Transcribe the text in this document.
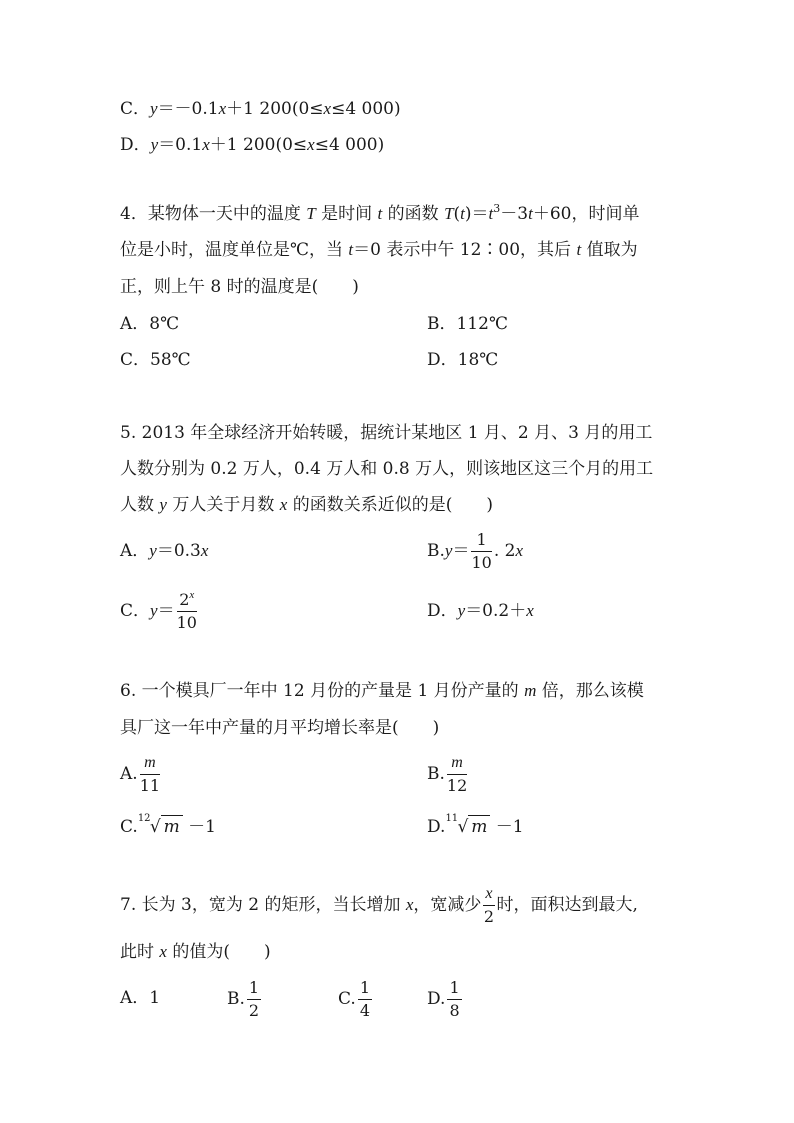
C．y＝－0.1x＋1 200(0≤x≤4 000)
D．y＝0.1x＋1 200(0≤x≤4 000)
4．某物体一天中的温度 T 是时间 t 的函数 $T(t)=t^3-3t+60$，时间单
位是小时，温度单位是℃，当 t＝0 表示中午 12∶00，其后 t 值取为
正，则上午 8 时的温度是(　　)
A．8℃	B．112℃
C．58℃	D．18℃
5. 2013 年全球经济开始转暖，据统计某地区 1 月、2 月、3 月的用工
人数分别为 0.2 万人，0.4 万人和 0.8 万人，则该地区这三个月的用工
人数 y 万人关于月数 x 的函数关系近似的是(　　)
A．y＝0.3x	$B.y= \frac{1}{10}$ . 2x
C．$y= \frac{2^x}{10}$	D．y＝0.2＋x
6. 一个模具厂一年中 12 月份的产量是 1 月份产量的 m 倍，那么该模
具厂这一年中产量的月平均增长率是(　　)
A. $\frac{m}{11}$	B. $\frac{m}{12}$
C. 12 √ m －1	D. 11 √ m －1
7. 长为 3，宽为 2 的矩形，当长增加 x，宽减少 $\frac{x}{2}$ 时，面积达到最大,
此时 x 的值为(　　)
A．1	B. $\frac{1}{2}$	C. $\frac{1}{4}$	D. $\frac{1}{8}$
